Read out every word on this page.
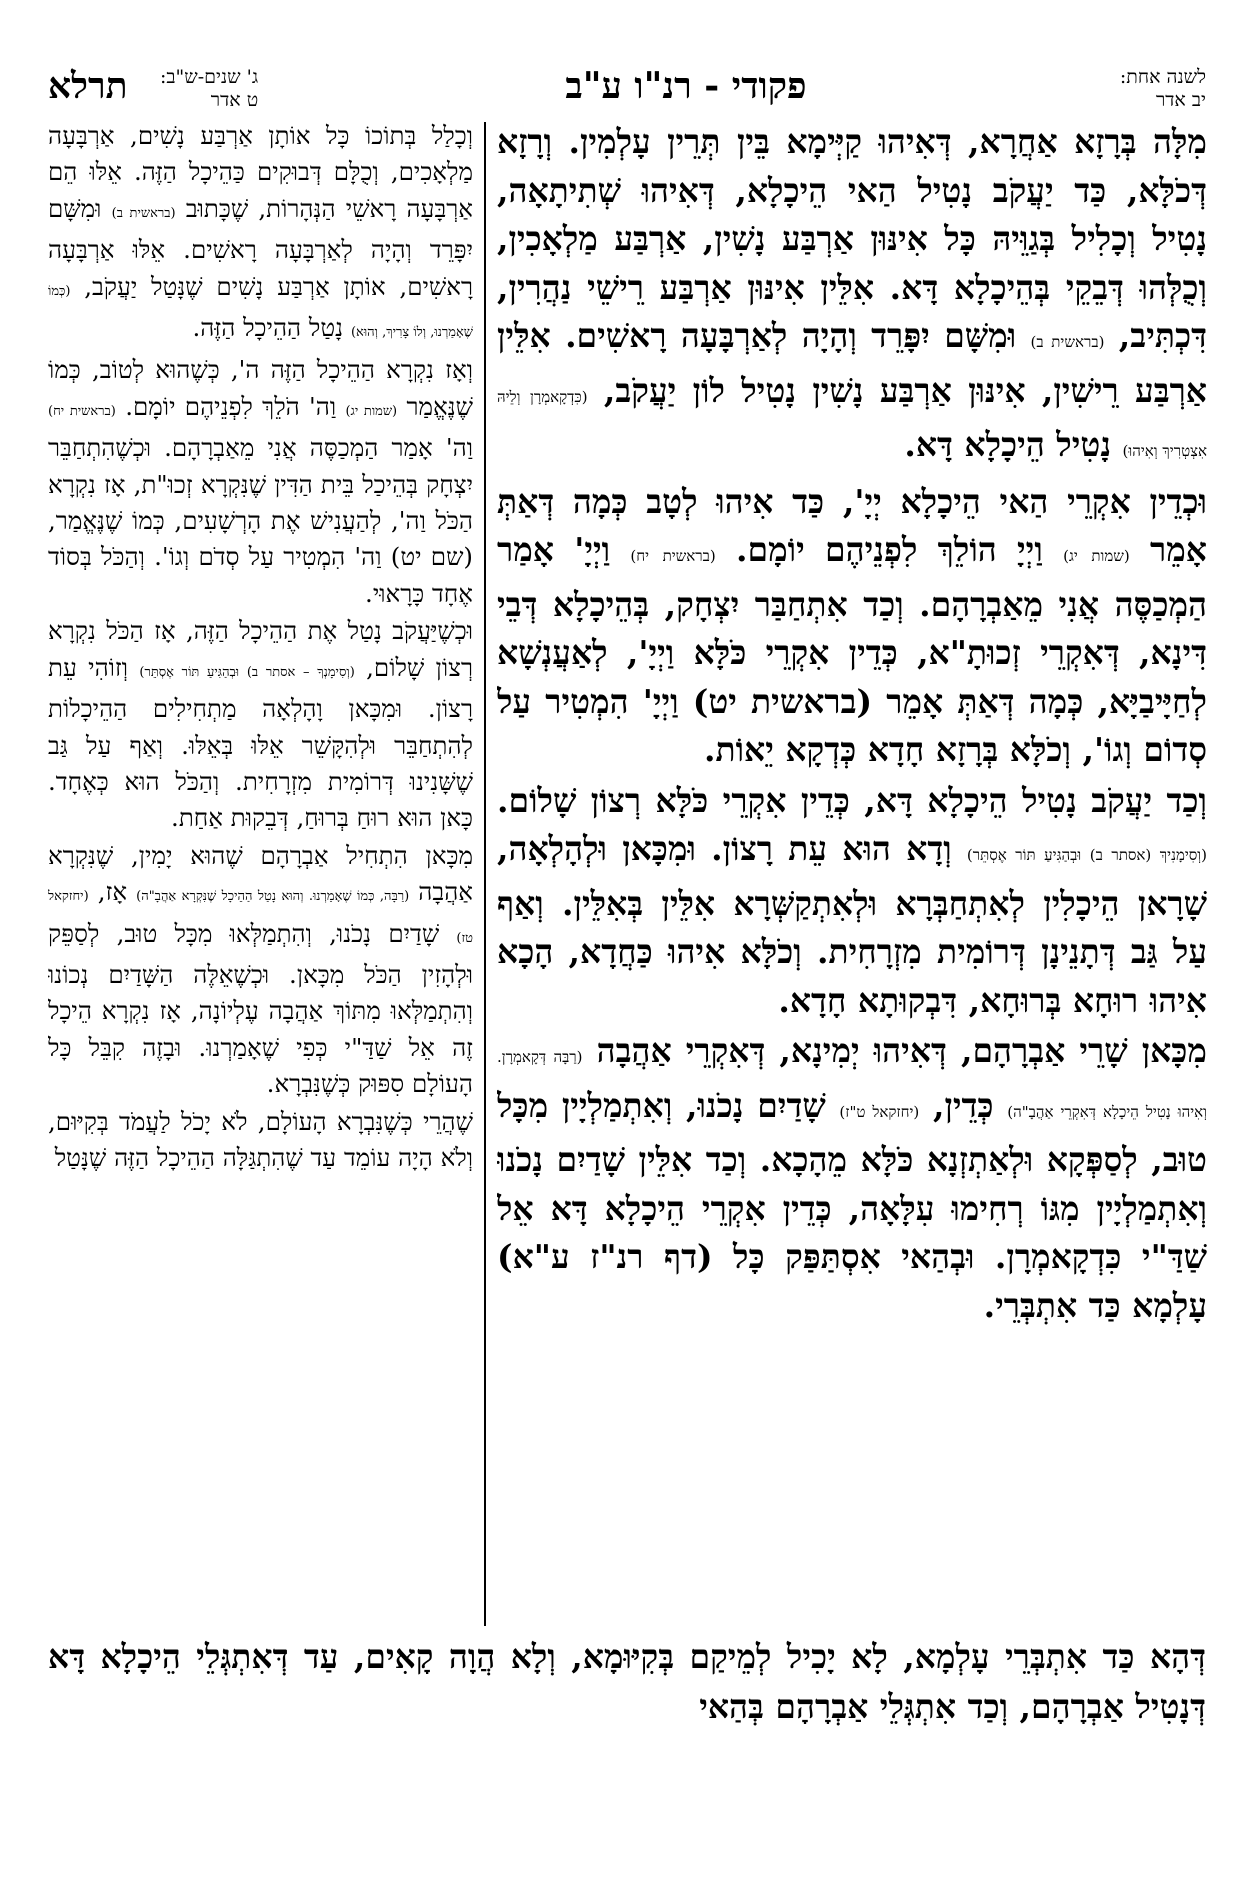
לשנה אחת:
יב אדר
פקודי - רנ"ו ע"ב
ג' שנים-ש"ב:
ט אדר
תרלא

מִלָּה בְּרָזָא אַחֲרָא, דְּאִיהוּ קַיְּימָא בֵּין תְּרֵין עָלְמִין. וְרָזָא דְּכֹלָּא, כַּד יַעֲקֹב נָטִיל הַאי הֵיכָלָא, דְּאִיהוּ שְׁתִיתָאָה, נָטִיל וְכָלִיל בְּגַוֵּיהּ כָּל אִינּוּן אַרְבַּע נָשִׁין, אַרְבַּע מַלְאָכִין, וְכֻלְּהוּ דְּבֵקֵי בְּהֵיכָלָא דָּא. אִלֵּין אִינּוּן אַרְבַּע רֵישֵׁי נַהֲרִין, דִּכְתִּיב, (בראשית ב) וּמִשָּׁם יִפָּרֵד וְהָיָה לְאַרְבָּעָה רָאשִׁים. אִלֵּין אַרְבַּע רֵישִׁין, אִינּוּן אַרְבַּע נָשִׁין נָטִיל לוֹן יַעֲקֹב, (כִּדְקָאמְרָן וְלֵיהּ אִצְטְרִיךְ וְאִיהוּ) נָטִיל הֵיכָלָא דָּא.

וּכְדֵין אִקְרֵי הַאי הֵיכָלָא יְיָ', כַּד אִיהוּ לְטָב כְּמָה דְּאַתְּ אָמֵר (שמות יג) וַיְיָ הוֹלֵךְ לִפְנֵיהֶם יוֹמָם. (בראשית יח) וַיְיָ' אָמַר הַמְכַסֶּה אֲנִי מֵאַבְרָהָם. וְכַד אִתְחַבַּר יִצְחָק, בְּהֵיכָלָא דְּבֵי דִּינָא, דְּאִקְרֵי זְכוּתָ"א, כְּדֵין אִקְרֵי כֹּלָּא וַיְיָ', לְאַעֲנְשָׁא לְחַיָּיבַיָּא, כְּמָה דְּאַתְּ אָמֵר (בראשית יט) וַיְיָ' הִמְטִיר עַל סְדוֹם וְגוֹ', וְכֹלָּא בְּרָזָא חָדָא כְּדְקָא יֵאוֹת.

וְכַד יַעֲקֹב נָטִיל הֵיכָלָא דָּא, כְּדֵין אִקְרֵי כֹּלָּא רְצוֹן שָׁלוֹם. (וְסִימָנִיךְ (אסתר ב) וּבְהַגִּיעַ תּוֹר אֶסְתֵּר) וְדָא הוּא עֵת רָצוֹן. וּמִכָּאן וּלְהָלְאָה, שָׁרָאן הֵיכָלִין לְאִתְחַבְּרָא וּלְאִתְקַשְּׁרָא אִלֵּין בְּאִלֵּין. וְאַף עַל גַּב דְּתָנֵינָן דְּרוֹמִית מִזְרָחִית. וְכֹלָּא אִיהוּ כַּחֲדָא, הָכָא אִיהוּ רוּחָא בְּרוּחָא, דִּבְקוּתָא חָדָא.

מִכָּאן שָׁרֵי אַבְרָהָם, דְּאִיהוּ יְמִינָא, דְּאִקְרֵי אַהֲבָה (רַבָּה דְּקָאמְרָן. וְאִיהוּ נָטִיל הֵיכָלָא דְּאִקְרֵי אַהֲבָ"ה) כְּדֵין, (יחזקאל ט"ז) שָׁדַיִם נָכֹנוּ, וְאִתְמַלְיָין מִכָּל טוּב, לְסַפְּקָא וּלְאַתְזְנָא כֹּלָּא מֵהָכָא. וְכַד אִלֵּין שָׁדַיִם נָכֹנוּ וְאִתְמַלְיָין מִגּוֹ רְחִימוּ עִלָּאָה, כְּדֵין אִקְרֵי הֵיכָלָא דָּא אֵל שַׁדַּ"י כִּדְקָאמְרָן. וּבְהַאי אִסְתַּפַּק כָּל (דף רנ"ז ע"א) עָלְמָא כַּד אִתְבְּרֵי.

וְכָלַל בְּתוֹכוֹ כָּל אוֹתָן אַרְבַּע נָשִׁים, אַרְבָּעָה מַלְאָכִים, וְכֻלָּם דְּבוּקִים כַּהֵיכָל הַזֶּה. אֵלּוּ הֵם אַרְבָּעָה רָאשֵׁי הַנְּהָרוֹת, שֶׁכָּתוּב (בראשית ב) וּמִשָּׁם יִפָּרֵד וְהָיָה לְאַרְבָּעָה רָאשִׁים. אֵלּוּ אַרְבָּעָה רָאשִׁים, אוֹתָן אַרְבַּע נָשִׁים שֶׁנָּטַל יַעֲקֹב, (כְּמוֹ שֶׁאָמַרְנוּ, וְלוֹ צָרִיךְ, וְהוּא) נָטַל הַהֵיכָל הַזֶּה.

וְאָז נִקְרָא הַהֵיכָל הַזֶּה ה', כְּשֶׁהוּא לְטוֹב, כְּמוֹ שֶׁנֶּאֱמַר (שמות יג) וַה' הֹלֵךְ לִפְנֵיהֶם יוֹמָם. (בראשית יח) וַה' אָמַר הַמְכַסֶּה אֲנִי מֵאַבְרָהָם. וּכְשֶׁהִתְחַבֵּר יִצְחָק בְּהֵיכַל בֵּית הַדִּין שֶׁנִּקְרָא זְכוּ"ת, אָז נִקְרָא הַכֹּל וַה', לְהַעֲנִישׁ אֶת הָרְשָׁעִים, כְּמוֹ שֶׁנֶּאֱמַר, (שם יט) וַה' הִמְטִיר עַל סְדֹם וְגוֹ'. וְהַכֹּל בְּסוֹד אֶחָד כָּרָאוּי.

וּכְשֶׁיַּעֲקֹב נָטַל אֶת הַהֵיכָל הַזֶּה, אָז הַכֹּל נִקְרָא רְצוֹן שָׁלוֹם, (וְסִימָנְךָ – אסתר ב) וּבְהַגִּיעַ תּוֹר אֶסְתֵּר) וְזוֹהִי עֵת רָצוֹן. וּמִכָּאן וָהָלְאָה מַתְחִילִים הַהֵיכָלוֹת לְהִתְחַבֵּר וּלְהִקָּשֵׁר אֵלּוּ בְּאֵלּוּ. וְאַף עַל גַּב שֶׁשָּׁנִינוּ דְּרוֹמִית מִזְרָחִית. וְהַכֹּל הוּא כְּאֶחָד. כָּאן הוּא רוּחַ בְּרוּחַ, דְּבֵקוּת אַחַת.

מִכָּאן הִתְחִיל אַבְרָהָם שֶׁהוּא יָמִין, שֶׁנִּקְרָא אַהֲבָה (רַבָּה, כְּמוֹ שֶׁאָמַרְנוּ. וְהוּא נָטַל הַהֵיכָל שֶׁנִּקְרָא אַהֲבָ"ה) אָז, (יחזקאל טז) שָׁדַיִם נָכֹנוּ, וְהִתְמַלְּאוּ מִכָּל טוּב, לְסַפֵּק וּלְהָזִין הַכֹּל מִכָּאן. וּכְשֶׁאֵלֶּה הַשָּׁדַיִם נְכוֹנוּ וְהִתְמַלְּאוּ מִתּוֹךְ אַהֲבָה עֶלְיוֹנָה, אָז נִקְרָא הֵיכָל זֶה אֵל שַׁדַּ"י כְּפִי שֶׁאָמַרְנוּ. וּבָזֶה קִבֵּל כָּל הָעוֹלָם סִפּוּק כְּשֶׁנִּבְרָא.

שֶׁהֲרֵי כְּשֶׁנִּבְרָא הָעוֹלָם, לֹא יָכֹל לַעֲמֹד בְּקִיּוּם, וְלֹא הָיָה עוֹמֵד עַד שֶׁהִתְגַּלָּה הַהֵיכָל הַזֶּה שֶׁנָּטַל

דְּהָא כַּד אִתְבְּרֵי עָלְמָא, לָא יָכִיל לְמֵיקַם בְּקִיּוּמָא, וְלָא הֲוָה קָאִים, עַד דְּאִתְגְּלֵי הֵיכָלָא דָּא דְּנָטִיל אַבְרָהָם, וְכַד אִתְגְּלֵי אַבְרָהָם בְּהַאי
